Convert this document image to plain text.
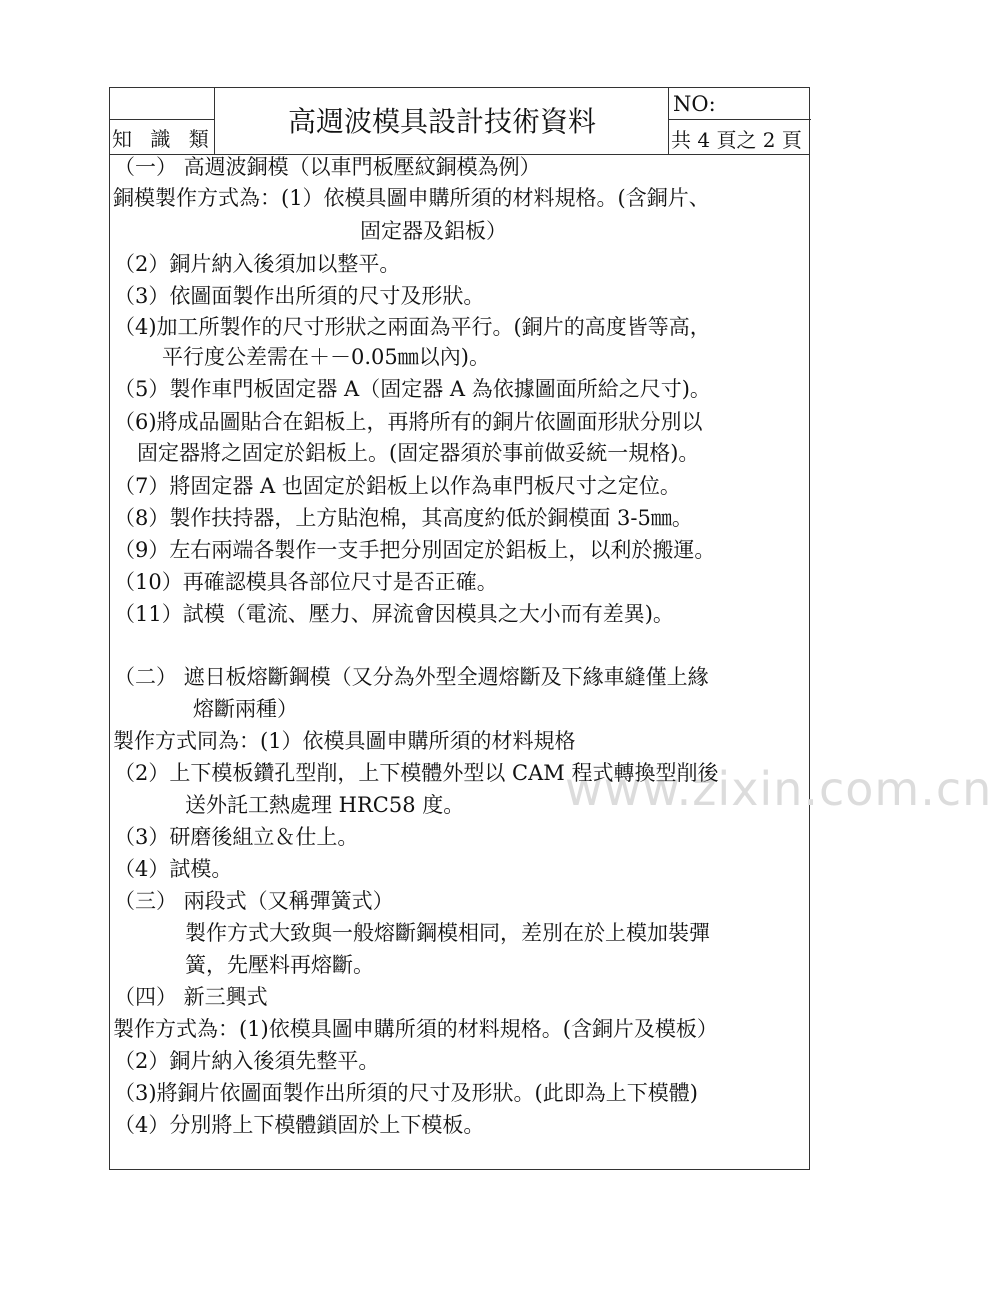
知 識 類
高週波模具設計技術資料
NO:
共 4 頁之 2 頁
www.zixin.com.cn
（一） 高週波銅模（以車門板壓紋銅模為例）
銅模製作方式為：(1）依模具圖申購所須的材料規格。(含銅片、
固定器及鋁板）
（2）銅片納入後須加以整平。
（3）依圖面製作出所須的尺寸及形狀。
（4)加工所製作的尺寸形狀之兩面為平行。(銅片的高度皆等高，
平行度公差需在＋－0.05㎜以內)。
（5）製作車門板固定器 A（固定器 A 為依據圖面所給之尺寸)。
（6)將成品圖貼合在鋁板上，再將所有的銅片依圖面形狀分別以
固定器將之固定於鋁板上。(固定器須於事前做妥統一規格)。
（7）將固定器 A 也固定於鋁板上以作為車門板尺寸之定位。
（8）製作扶持器，上方貼泡棉，其高度約低於銅模面 3-5㎜。
（9）左右兩端各製作一支手把分別固定於鋁板上，以利於搬運。
（10）再確認模具各部位尺寸是否正確。
（11）試模（電流、壓力、屏流會因模具之大小而有差異)。
（二） 遮日板熔斷鋼模（又分為外型全週熔斷及下緣車縫僅上緣
熔斷兩種）
製作方式同為：(1）依模具圖申購所須的材料規格
（2）上下模板鑽孔型削，上下模體外型以 CAM 程式轉換型削後
送外託工熱處理 HRC58 度。
（3）研磨後組立＆仕上。
（4）試模。
（三） 兩段式（又稱彈簧式）
製作方式大致與一般熔斷鋼模相同，差別在於上模加裝彈
簧，先壓料再熔斷。
（四） 新三興式
製作方式為：(1)依模具圖申購所須的材料規格。(含銅片及模板）
（2）銅片納入後須先整平。
（3)將銅片依圖面製作出所須的尺寸及形狀。(此即為上下模體)
（4）分別將上下模體鎖固於上下模板。
